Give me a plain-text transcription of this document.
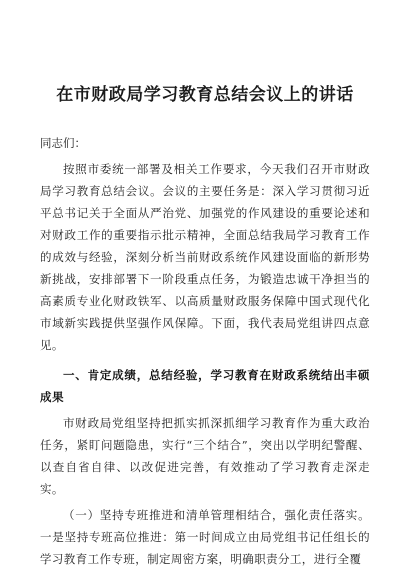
在市财政局学习教育总结会议上的讲话
同志们：

按照市委统一部署及相关工作要求，今天我们召开市财政局学习教育总结会议。会议的主要任务是：深入学习贯彻习近平总书记关于全面从严治党、加强党的作风建设的重要论述和对财政工作的重要指示批示精神，全面总结我局学习教育工作的成效与经验，深刻分析当前财政系统作风建设面临的新形势新挑战，安排部署下一阶段重点任务，为锻造忠诚干净担当的高素质专业化财政铁军、以高质量财政服务保障中国式现代化市域新实践提供坚强作风保障。下面，我代表局党组讲四点意见。

一、肯定成绩，总结经验，学习教育在财政系统结出丰硕成果

市财政局党组坚持把抓实抓深抓细学习教育作为重大政治任务，紧盯问题隐患，实行“三个结合”，突出以学明纪警醒、以查自省自律、以改促进完善，有效推动了学习教育走深走实。

（一）坚持专班推进和清单管理相结合，强化责任落实。一是坚持专班高位推进：第一时间成立由局党组书记任组长的学习教育工作专班，制定周密方案，明确职责分工，进行全覆
